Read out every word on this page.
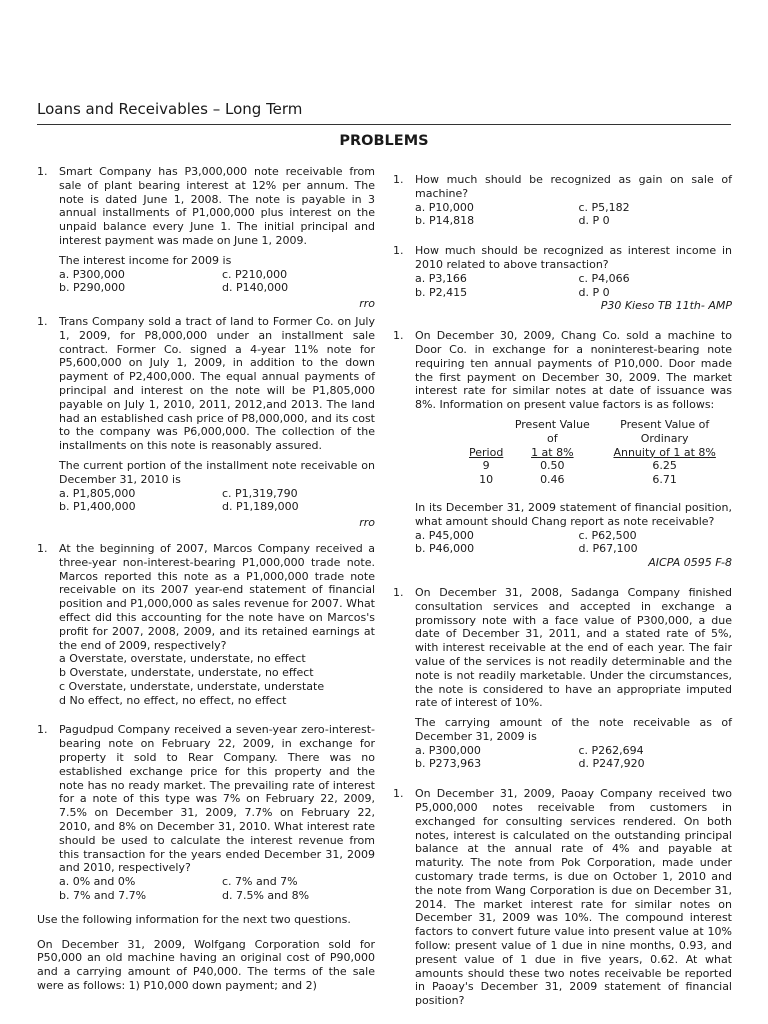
Loans and Receivables – Long Term
PROBLEMS
1. Smart Company has P3,000,000 note receivable from sale of plant bearing interest at 12% per annum. The note is dated June 1, 2008. The note is payable in 3 annual installments of P1,000,000 plus interest on the unpaid balance every June 1. The initial principal and interest payment was made on June 1, 2009.

The interest income for 2009 is

a. P300,000	c. P210,000
b. P290,000	d. P140,000

rro

1. Trans Company sold a tract of land to Former Co. on July 1, 2009, for P8,000,000 under an installment sale contract. Former Co. signed a 4-year 11% note for P5,600,000 on July 1, 2009, in addition to the down payment of P2,400,000. The equal annual payments of principal and interest on the note will be P1,805,000 payable on July 1, 2010, 2011, 2012,and 2013. The land had an established cash price of P8,000,000, and its cost to the company was P6,000,000. The collection of the installments on this note is reasonably assured.

The current portion of the installment note receivable on December 31, 2010 is

a. P1,805,000	c. P1,319,790
b. P1,400,000	d. P1,189,000

rro

1. At the beginning of 2007, Marcos Company received a three-year non-interest-bearing P1,000,000 trade note. Marcos reported this note as a P1,000,000 trade note receivable on its 2007 year-end statement of financial position and P1,000,000 as sales revenue for 2007. What effect did this accounting for the note have on Marcos's profit for 2007, 2008, 2009, and its retained earnings at the end of 2009, respectively?

a Overstate, overstate, understate, no effect
b Overstate, understate, understate, no effect
c Overstate, understate, understate, understate
d No effect, no effect, no effect, no effect
1. Pagudpud Company received a seven-year zero-interest-bearing note on February 22, 2009, in exchange for property it sold to Rear Company. There was no established exchange price for this property and the note has no ready market. The prevailing rate of interest for a note of this type was 7% on February 22, 2009, 7.5% on December 31, 2009, 7.7% on February 22, 2010, and 8% on December 31, 2010. What interest rate should be used to calculate the interest revenue from this transaction for the years ended December 31, 2009 and 2010, respectively?

a. 0% and 0%	c. 7% and 7%
b. 7% and 7.7%	d. 7.5% and 8%

Use the following information for the next two questions.

On December 31, 2009, Wolfgang Corporation sold for P50,000 an old machine having an original cost of P90,000 and a carrying amount of P40,000. The terms of the sale were as follows: 1) P10,000 down payment; and 2)

1. How much should be recognized as gain on sale of machine?

a. P10,000	c. P5,182
b. P14,818	d. P 0
1. How much should be recognized as interest income in 2010 related to above transaction?

a. P3,166	c. P4,066
b. P2,415	d. P 0

P30 Kieso TB 11th- AMP

1. On December 30, 2009, Chang Co. sold a machine to Door Co. in exchange for a noninterest-bearing note requiring ten annual payments of P10,000. Door made the first payment on December 30, 2009. The market interest rate for similar notes at date of issuance was 8%. Information on present value factors is as follows:

	Present Value of	Present Value of Ordinary
Period	1 at 8%	Annuity of 1 at 8%
9	0.50	6.25
10	0.46	6.71

In its December 31, 2009 statement of financial position, what amount should Chang report as note receivable?

a. P45,000	c. P62,500
b. P46,000	d. P67,100

AICPA 0595 F-8

1. On December 31, 2008, Sadanga Company finished consultation services and accepted in exchange a promissory note with a face value of P300,000, a due date of December 31, 2011, and a stated rate of 5%, with interest receivable at the end of each year. The fair value of the services is not readily determinable and the note is not readily marketable. Under the circumstances, the note is considered to have an appropriate imputed rate of interest of 10%.

The carrying amount of the note receivable as of December 31, 2009 is

a. P300,000	c. P262,694
b. P273,963	d. P247,920
1. On December 31, 2009, Paoay Company received two P5,000,000 notes receivable from customers in exchanged for consulting services rendered. On both notes, interest is calculated on the outstanding principal balance at the annual rate of 4% and payable at maturity. The note from Pok Corporation, made under customary trade terms, is due on October 1, 2010 and the note from Wang Corporation is due on December 31, 2014. The market interest rate for similar notes on December 31, 2009 was 10%. The compound interest factors to convert future value into present value at 10% follow: present value of 1 due in nine months, 0.93, and present value of 1 due in five years, 0.62. At what amounts should these two notes receivable be reported in Paoay's December 31, 2009 statement of financial position?
